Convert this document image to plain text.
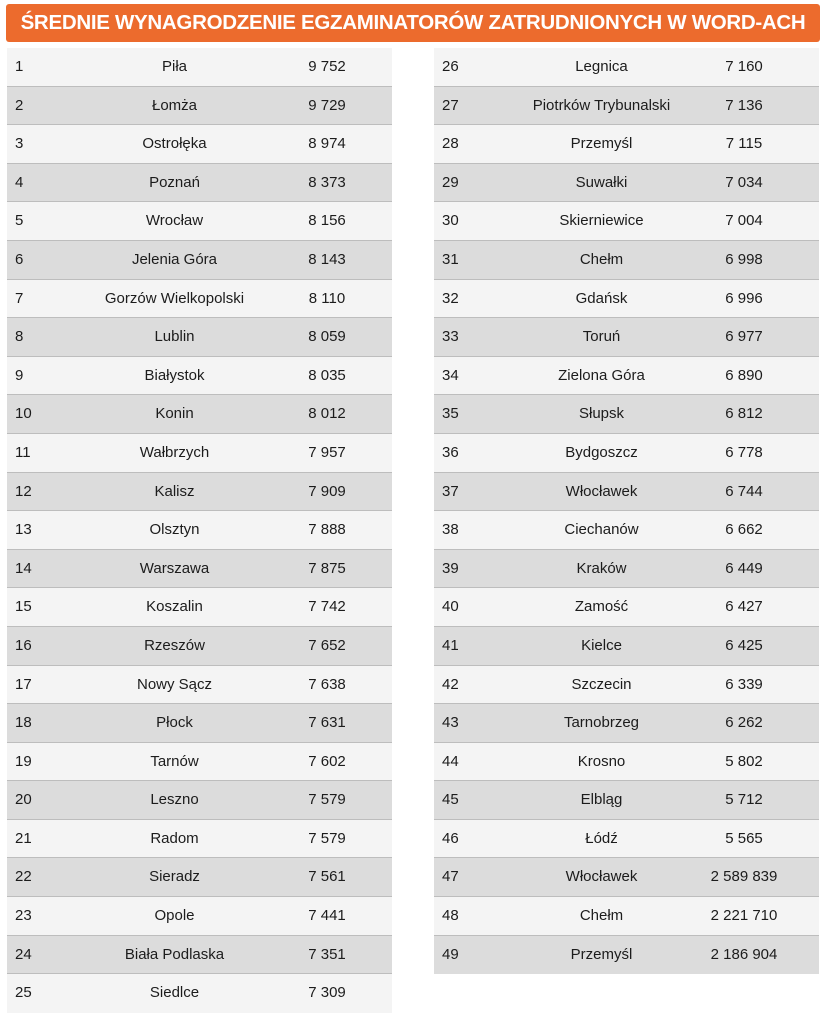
ŚREDNIE WYNAGRODZENIE EGZAMINATORÓW ZATRUDNIONYCH W WORD-ACH
1	Piła	9 752
2	Łomża	9 729
3	Ostrołęka	8 974
4	Poznań	8 373
5	Wrocław	8 156
6	Jelenia Góra	8 143
7	Gorzów Wielkopolski	8 110
8	Lublin	8 059
9	Białystok	8 035
10	Konin	8 012
11	Wałbrzych	7 957
12	Kalisz	7 909
13	Olsztyn	7 888
14	Warszawa	7 875
15	Koszalin	7 742
16	Rzeszów	7 652
17	Nowy Sącz	7 638
18	Płock	7 631
19	Tarnów	7 602
20	Leszno	7 579
21	Radom	7 579
22	Sieradz	7 561
23	Opole	7 441
24	Biała Podlaska	7 351
25	Siedlce	7 309
26	Legnica	7 160
27	Piotrków Trybunalski	7 136
28	Przemyśl	7 115
29	Suwałki	7 034
30	Skierniewice	7 004
31	Chełm	6 998
32	Gdańsk	6 996
33	Toruń	6 977
34	Zielona Góra	6 890
35	Słupsk	6 812
36	Bydgoszcz	6 778
37	Włocławek	6 744
38	Ciechanów	6 662
39	Kraków	6 449
40	Zamość	6 427
41	Kielce	6 425
42	Szczecin	6 339
43	Tarnobrzeg	6 262
44	Krosno	5 802
45	Elbląg	5 712
46	Łódź	5 565
47	Włocławek	2 589 839
48	Chełm	2 221 710
49	Przemyśl	2 186 904
